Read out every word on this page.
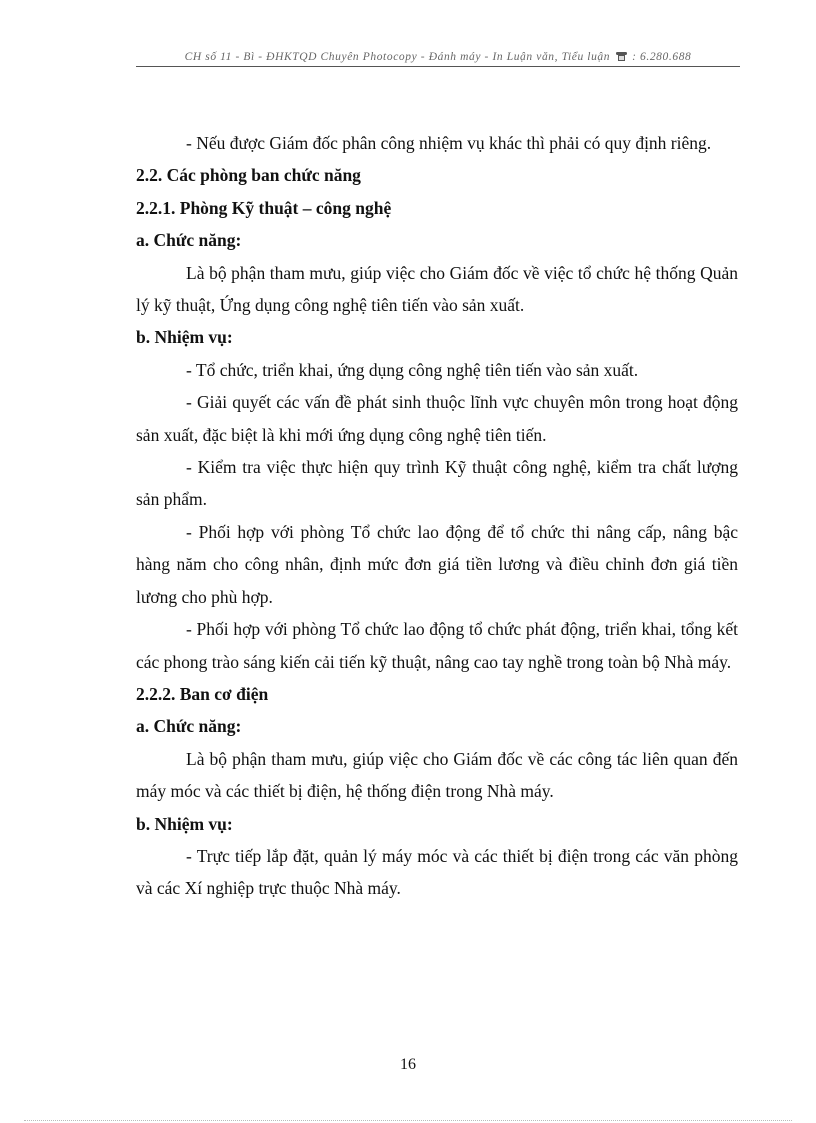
CH số 11 - Bì - ĐHKTQD Chuyên Photocopy - Đánh máy - In Luận văn, Tiểu luận : 6.280.688

- Nếu được Giám đốc phân công nhiệm vụ khác thì phải có quy định riêng.

2.2. Các phòng ban chức năng

2.2.1. Phòng Kỹ thuật – công nghệ

a. Chức năng:

Là bộ phận tham mưu, giúp việc cho Giám đốc về việc tổ chức hệ thống Quản lý kỹ thuật, Ứng dụng công nghệ tiên tiến vào sản xuất.

b. Nhiệm vụ:

- Tổ chức, triển khai, ứng dụng công nghệ tiên tiến vào sản xuất.

- Giải quyết các vấn đề phát sinh thuộc lĩnh vực chuyên môn trong hoạt động sản xuất, đặc biệt là khi mới ứng dụng công nghệ tiên tiến.

- Kiểm tra việc thực hiện quy trình Kỹ thuật công nghệ, kiểm tra chất lượng sản phẩm.

- Phối hợp với phòng Tổ chức lao động để tổ chức thi nâng cấp, nâng bậc hàng năm cho công nhân, định mức đơn giá tiền lương và điều chỉnh đơn giá tiền lương cho phù hợp.

- Phối hợp với phòng Tổ chức lao động tổ chức phát động, triển khai, tổng kết các phong trào sáng kiến cải tiến kỹ thuật, nâng cao tay nghề trong toàn bộ Nhà máy.

2.2.2. Ban cơ điện

a. Chức năng:

Là bộ phận tham mưu, giúp việc cho Giám đốc về các công tác liên quan đến máy móc và các thiết bị điện, hệ thống điện trong Nhà máy.

b. Nhiệm vụ:

- Trực tiếp lắp đặt, quản lý máy móc và các thiết bị điện trong các văn phòng và các Xí nghiệp trực thuộc Nhà máy.

16
